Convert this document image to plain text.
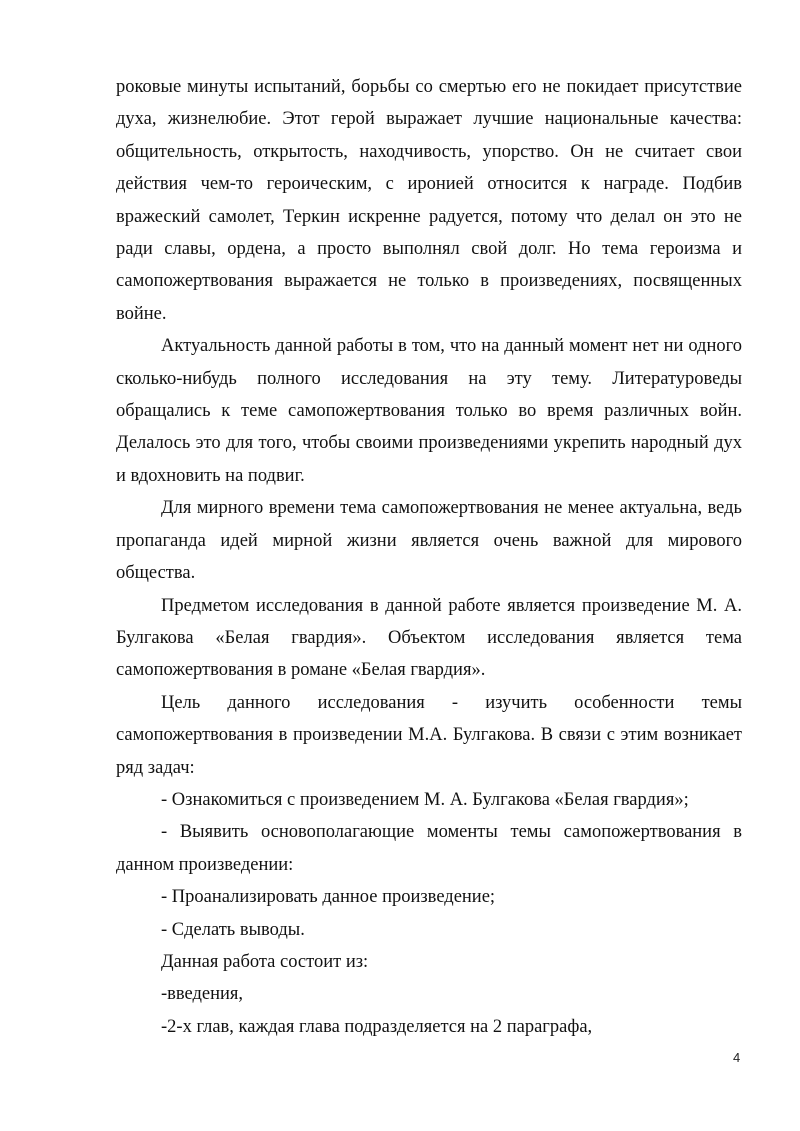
роковые минуты испытаний, борьбы со смертью его не покидает присутствие духа, жизнелюбие. Этот герой выражает лучшие национальные качества: общительность, открытость, находчивость, упорство. Он не считает свои действия чем-то героическим, с иронией относится к награде. Подбив вражеский самолет, Теркин искренне радуется, потому что делал он это не ради славы, ордена, а просто выполнял свой долг. Но тема героизма и самопожертвования выражается не только в произведениях, посвященных войне.

Актуальность данной работы в том, что на данный момент нет ни одного сколько-нибудь полного исследования на эту тему. Литературоведы обращались к теме самопожертвования только во время различных войн. Делалось это для того, чтобы своими произведениями укрепить народный дух и вдохновить на подвиг.

Для мирного времени тема самопожертвования не менее актуальна, ведь пропаганда идей мирной жизни является очень важной для мирового общества.

Предметом исследования в данной работе является произведение М. А. Булгакова «Белая гвардия». Объектом исследования является тема самопожертвования в романе «Белая гвардия».

Цель данного исследования - изучить особенности темы самопожертвования в произведении М.А. Булгакова. В связи с этим возникает ряд задач:

- Ознакомиться с произведением М. А. Булгакова «Белая гвардия»;

- Выявить основополагающие моменты темы самопожертвования в данном произведении:

- Проанализировать данное произведение;

- Сделать выводы.

Данная работа состоит из:

-введения,

-2-х глав, каждая глава подразделяется на 2 параграфа,

4
